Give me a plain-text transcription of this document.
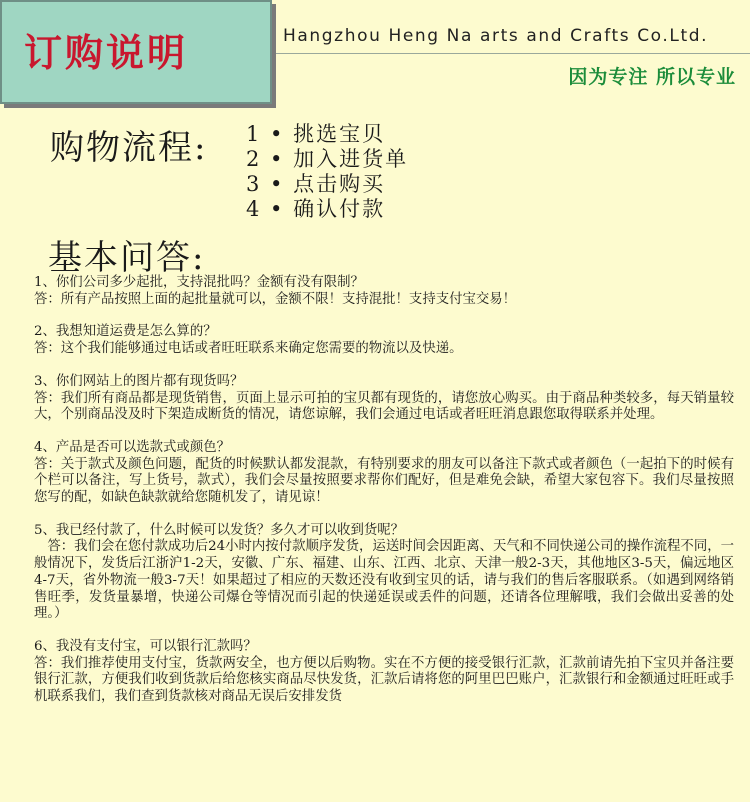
订购说明	Hangzhou Heng Na arts and Crafts Co.Ltd.
因为专注 所以专业
购物流程: 1 • 挑选宝贝
2 • 加入进货单
3 • 点击购买
4 • 确认付款
基本问答:

1、你们公司多少起批，支持混批吗？金额有没有限制？

答：所有产品按照上面的起批量就可以，金额不限！支持混批！支持支付宝交易！

2、我想知道运费是怎么算的？

答：这个我们能够通过电话或者旺旺联系来确定您需要的物流以及快递。

3、你们网站上的图片都有现货吗？

答：我们所有商品都是现货销售，页面上显示可拍的宝贝都有现货的，请您放心购买。由于商品种类较多，每天销量较大，个别商品没及时下架造成断货的情况，请您谅解，我们会通过电话或者旺旺消息跟您取得联系并处理。

4、产品是否可以选款式或颜色？

答：关于款式及颜色问题，配货的时候默认都发混款，有特别要求的朋友可以备注下款式或者颜色（一起拍下的时候有个栏可以备注，写上货号，款式），我们会尽量按照要求帮你们配好，但是难免会缺，希望大家包容下。我们尽量按照您写的配，如缺色缺款就给您随机发了，请见谅！

5、我已经付款了，什么时候可以发货？多久才可以收到货呢？

　答：我们会在您付款成功后24小时内按付款顺序发货，运送时间会因距离、天气和不同快递公司的操作流程不同，一般情况下，发货后江浙沪1-2天，安徽、广东、福建、山东、江西、北京、天津一般2-3天，其他地区3-5天，偏远地区4-7天，省外物流一般3-7天！如果超过了相应的天数还没有收到宝贝的话，请与我们的售后客服联系。（如遇到网络销售旺季，发货量暴增，快递公司爆仓等情况而引起的快递延误或丢件的问题，还请各位理解哦，我们会做出妥善的处理。）

6、我没有支付宝，可以银行汇款吗？

答：我们推荐使用支付宝，货款两安全，也方便以后购物。实在不方便的接受银行汇款，汇款前请先拍下宝贝并备注要银行汇款，方便我们收到货款后给您核实商品尽快发货，汇款后请将您的阿里巴巴账户，汇款银行和金额通过旺旺或手机联系我们，我们查到货款核对商品无误后安排发货
